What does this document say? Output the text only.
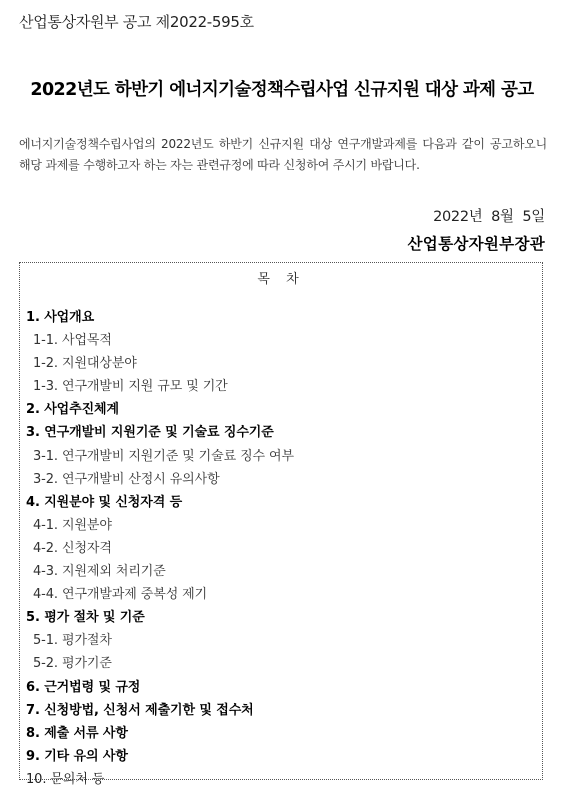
산업통상자원부 공고 제2022-595호
2022년도 하반기 에너지기술정책수립사업 신규지원 대상 과제 공고
에너지기술정책수립사업의 2022년도 하반기 신규지원 대상 연구개발과제를 다음과 같이 공고하오니 해당 과제를 수행하고자 하는 자는 관련규정에 따라 신청하여 주시기 바랍니다.
2022년  8월  5일
산업통상자원부장관
목 차
1. 사업개요
1-1. 사업목적
1-2. 지원대상분야
1-3. 연구개발비 지원 규모 및 기간
2. 사업추진체계
3. 연구개발비 지원기준 및 기술료 징수기준
3-1. 연구개발비 지원기준 및 기술료 징수 여부
3-2. 연구개발비 산정시 유의사항
4. 지원분야 및 신청자격 등
4-1. 지원분야
4-2. 신청자격
4-3. 지원제외 처리기준
4-4. 연구개발과제 중복성 제기
5. 평가 절차 및 기준
5-1. 평가절차
5-2. 평가기준
6. 근거법령 및 규정
7. 신청방법, 신청서 제출기한 및 접수처
8. 제출 서류 사항
9. 기타 유의 사항
10. 문의처 등
